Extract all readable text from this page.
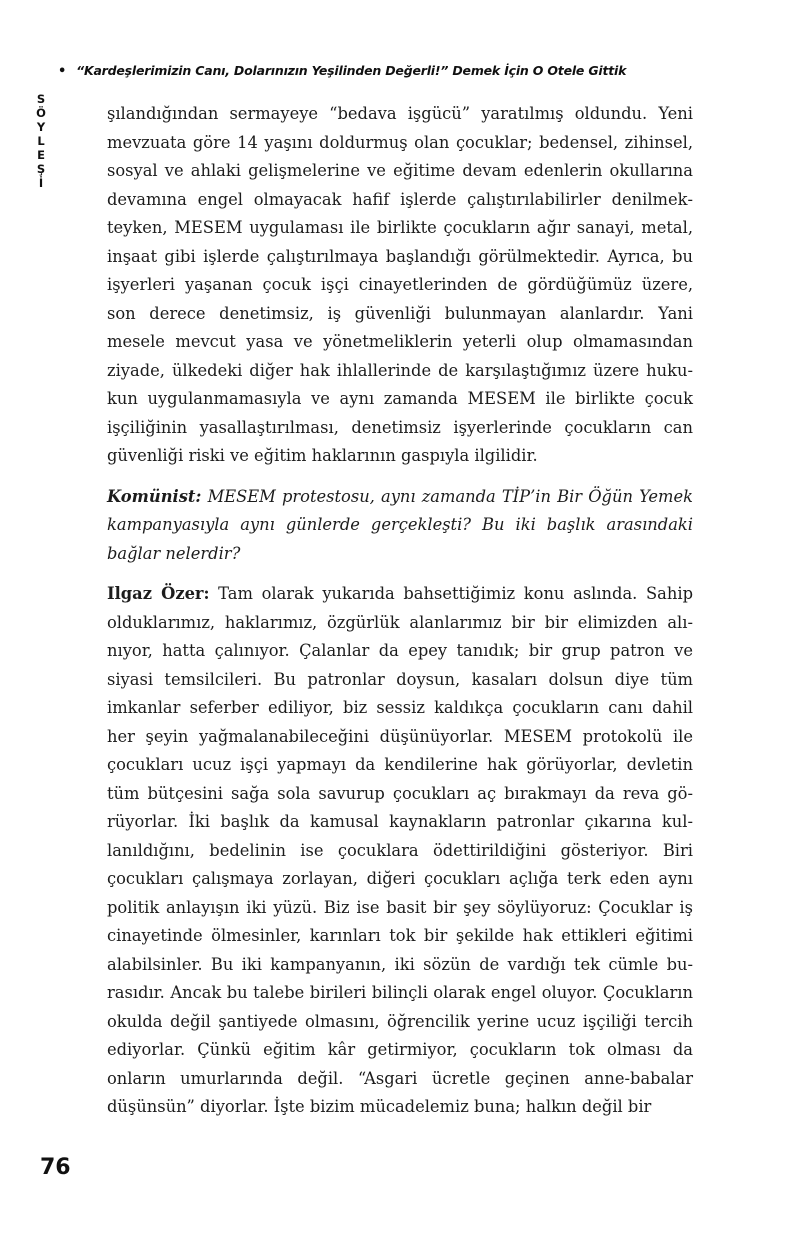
• “Kardeşlerimizin Canı, Dolarınızın Yeşilinden Değerli!” Demek İçin O Otele Gittik
S
Ö
Y
L
E
Ş
İ

şılandığından sermayeye “bedava işgücü” yaratılmış oldundu. Yeni mevzuata göre 14 yaşını doldurmuş olan çocuklar; bedensel, zihinsel, sosyal ve ahlaki gelişmelerine ve eğitime devam edenlerin okullarına devamına engel olmayacak hafif işlerde çalıştırılabilirler denilmekteyken, MESEM uygulaması ile birlikte çocukların ağır sanayi, metal, inşaat gibi işlerde çalıştırılmaya başlandığı görülmektedir. Ayrıca, bu işyerleri yaşanan çocuk işçi cinayetlerinden de gördüğümüz üzere, son derece denetimsiz, iş güvenliği bulunmayan alanlardır. Yani mesele mevcut yasa ve yönetmeliklerin yeterli olup olmamasından ziyade, ülkedeki diğer hak ihlallerinde de karşılaştığımız üzere hukukun uygulanmamasıyla ve aynı zamanda MESEM ile birlikte çocuk işçiliğinin yasallaştırılması, denetimsiz işyerlerinde çocukların can güvenliği riski ve eğitim haklarının gaspıyla ilgilidir.

Komünist: MESEM protestosu, aynı zamanda TİP’in Bir Öğün Yemek kampanyasıyla aynı günlerde gerçekleşti? Bu iki başlık arasındaki bağlar nelerdir?

Ilgaz Özer: Tam olarak yukarıda bahsettiğimiz konu aslında. Sahip olduklarımız, haklarımız, özgürlük alanlarımız bir bir elimizden alınıyor, hatta çalınıyor. Çalanlar da epey tanıdık; bir grup patron ve siyasi temsilcileri. Bu patronlar doysun, kasaları dolsun diye tüm imkanlar seferber ediliyor, biz sessiz kaldıkça çocukların canı dahil her şeyin yağmalanabileceğini düşünüyorlar. MESEM protokolü ile çocukları ucuz işçi yapmayı da kendilerine hak görüyorlar, devletin tüm bütçesini sağa sola savurup çocukları aç bırakmayı da reva görüyorlar. İki başlık da kamusal kaynakların patronlar çıkarına kullanıldığını, bedelinin ise çocuklara ödettirildiğini gösteriyor. Biri çocukları çalışmaya zorlayan, diğeri çocukları açlığa terk eden aynı politik anlayışın iki yüzü. Biz ise basit bir şey söylüyoruz: Çocuklar iş cinayetinde ölmesinler, karınları tok bir şekilde hak ettikleri eğitimi alabilsinler. Bu iki kampanyanın, iki sözün de vardığı tek cümle burasıdır. Ancak bu talebe birileri bilinçli olarak engel oluyor. Çocukların okulda değil şantiyede olmasını, öğrencilik yerine ucuz işçiliği tercih ediyorlar. Çünkü eğitim kâr getirmiyor, çocukların tok olması da onların umurlarında değil. “Asgari ücretle geçinen anne-babalar düşünsün” diyorlar. İşte bizim mücadelemiz buna; halkın değil bir

76
